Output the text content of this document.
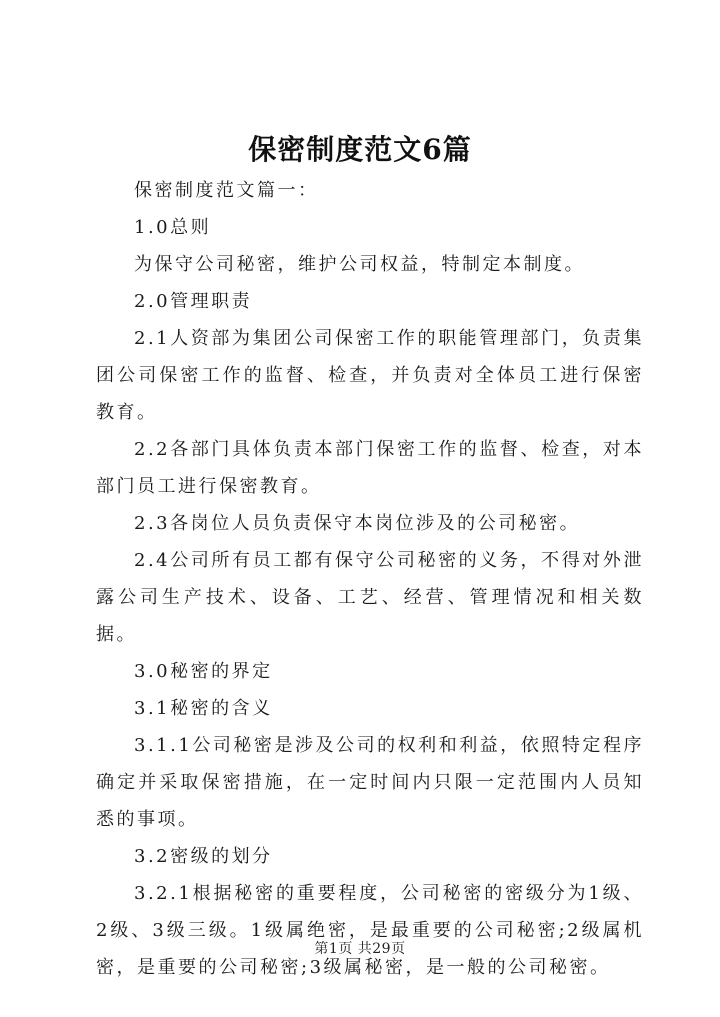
保密制度范文6篇

保密制度范文篇一：

1.0总则

为保守公司秘密，维护公司权益，特制定本制度。

2.0管理职责

2.1人资部为集团公司保密工作的职能管理部门，负责集团公司保密工作的监督、检查，并负责对全体员工进行保密教育。

2.2各部门具体负责本部门保密工作的监督、检查，对本部门员工进行保密教育。

2.3各岗位人员负责保守本岗位涉及的公司秘密。

2.4公司所有员工都有保守公司秘密的义务，不得对外泄露公司生产技术、设备、工艺、经营、管理情况和相关数据。

3.0秘密的界定

3.1秘密的含义

3.1.1公司秘密是涉及公司的权利和利益，依照特定程序确定并采取保密措施，在一定时间内只限一定范围内人员知悉的事项。

3.2密级的划分

3.2.1根据秘密的重要程度，公司秘密的密级分为1级、2级、3级三级。1级属绝密，是最重要的公司秘密;2级属机密，是重要的公司秘密;3级属秘密，是一般的公司秘密。

第1页 共29页
